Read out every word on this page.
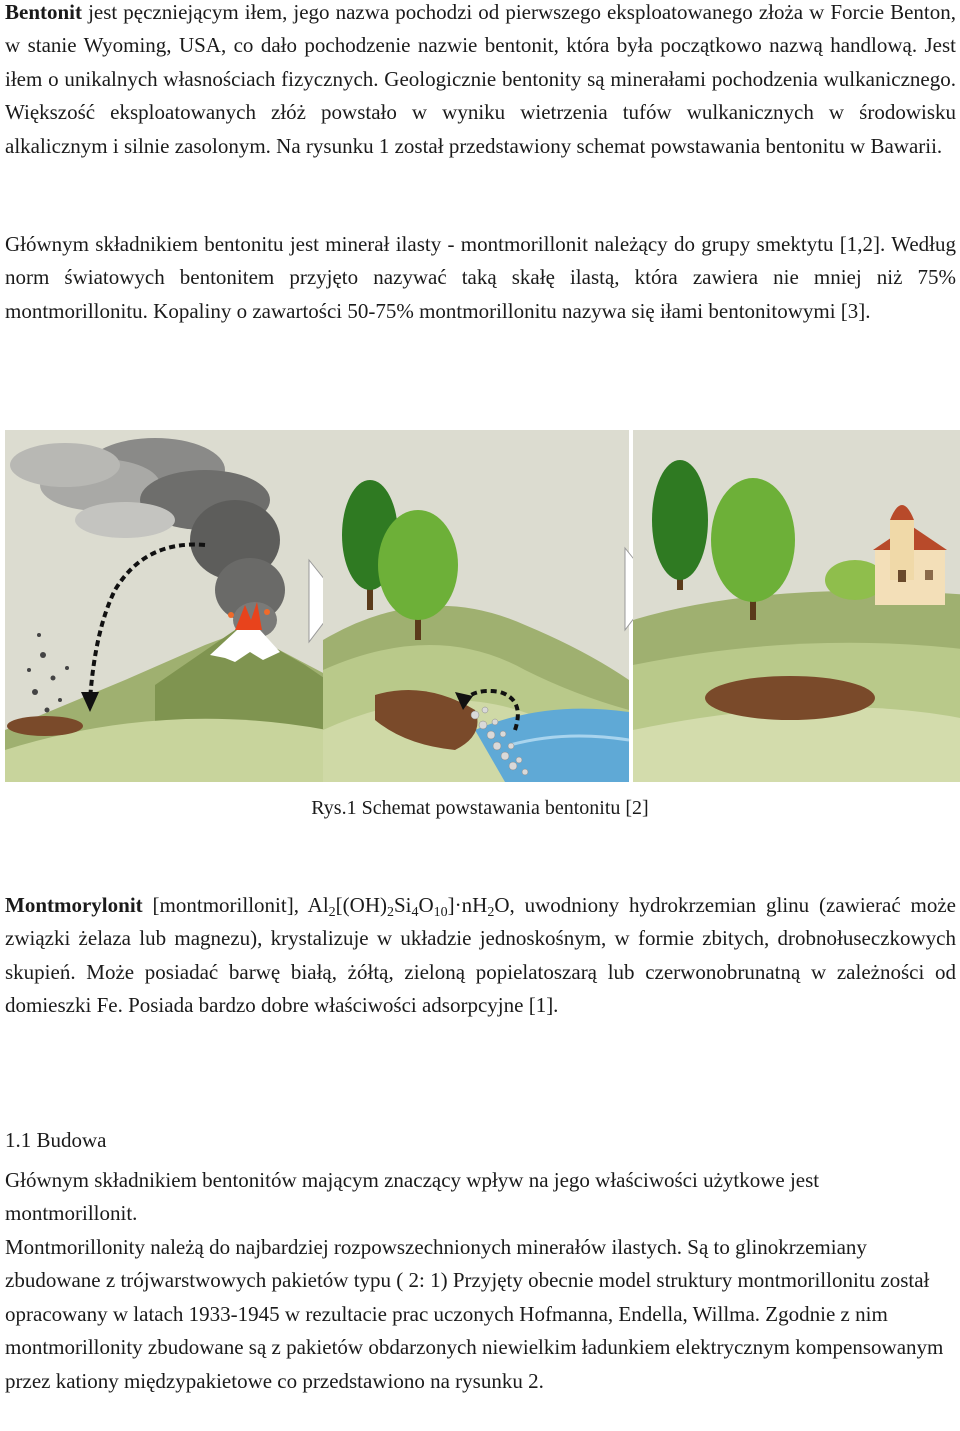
Bentonit jest pęczniejącym iłem, jego nazwa pochodzi od pierwszego eksploatowanego złoża w Forcie Benton, w stanie Wyoming, USA, co dało pochodzenie nazwie bentonit, która była początkowo nazwą handlową. Jest iłem o unikalnych własnościach fizycznych. Geologicznie bentonity są minerałami pochodzenia wulkanicznego. Większość eksploatowanych złóż powstało w wyniku wietrzenia tufów wulkanicznych w środowisku alkalicznym i silnie zasolonym. Na rysunku 1 został przedstawiony schemat powstawania bentonitu w Bawarii.
Głównym składnikiem bentonitu jest minerał ilasty - montmorillonit należący do grupy smektytu [1,2]. Według norm światowych bentonitem przyjęto nazywać taką skałę ilastą, która zawiera nie mniej niż 75% montmorillonitu. Kopaliny o zawartości 50-75% montmorillonitu nazywa się iłami bentonitowymi [3].
Rys.1 Schemat powstawania bentonitu [2]
Montmorylonit [montmorillonit], $Al_2[(OH)_2Si_4O_{10}]\cdot nH_2O$, uwodniony hydrokrzemian glinu (zawierać może związki żelaza lub magnezu), krystalizuje w układzie jednoskośnym, w formie zbitych, drobnołuseczkowych skupień. Może posiadać barwę białą, żółtą, zieloną popielatoszarą lub czerwonobrunatną w zależności od domieszki Fe. Posiada bardzo dobre właściwości adsorpcyjne [1].
1.1 Budowa
Głównym składnikiem bentonitów mającym znaczący wpływ na jego właściwości użytkowe jest montmorillonit.
Montmorillonity należą do najbardziej rozpowszechnionych minerałów ilastych. Są to glinokrzemiany zbudowane z trójwarstwowych pakietów typu ( 2: 1) Przyjęty obecnie model struktury montmorillonitu został opracowany w latach 1933-1945 w rezultacie prac uczonych Hofmanna, Endella, Willma. Zgodnie z nim montmorillonity zbudowane są z pakietów obdarzonych niewielkim ładunkiem elektrycznym kompensowanym przez kationy międzypakietowe co przedstawiono na rysunku 2.
